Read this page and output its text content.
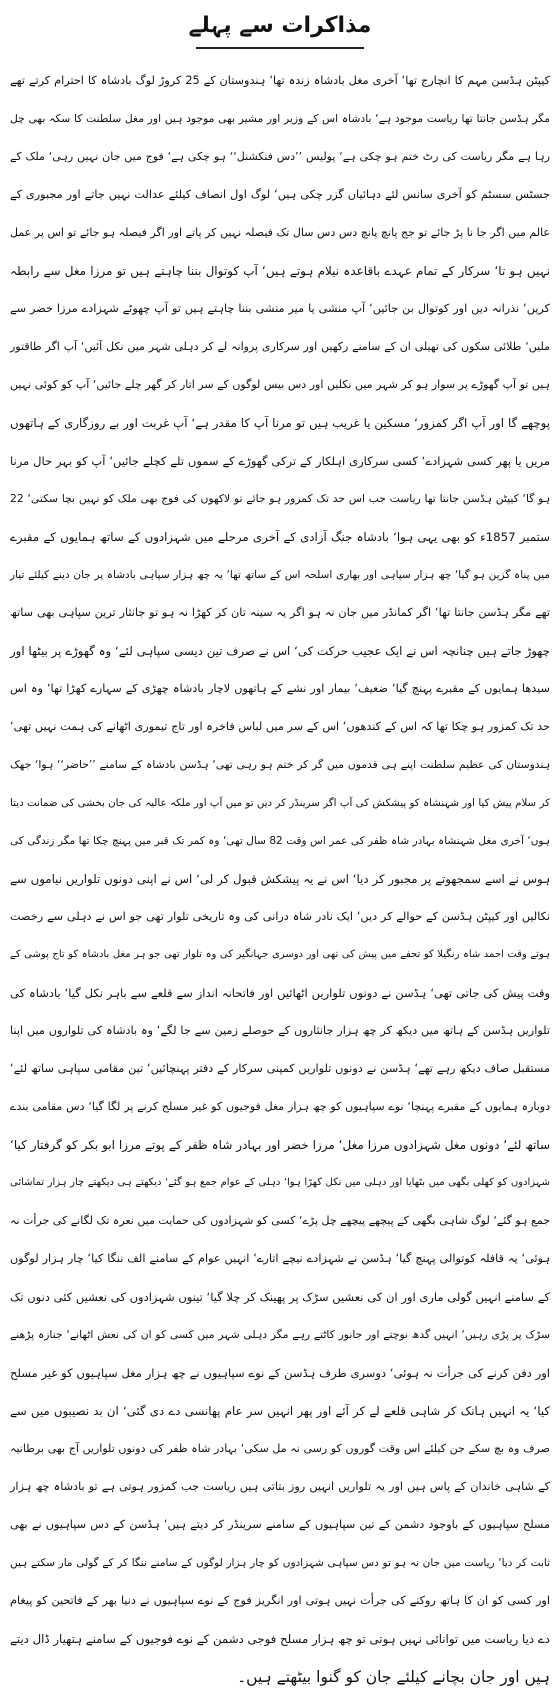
مذاکرات سے پہلے
کیپٹن ہڈسن مہم کا انچارج تھا‘ آخری مغل بادشاہ زندہ تھا‘ ہندوستان کے 25 کروڑ لوگ بادشاہ کا احترام کرتے تھے
مگر ہڈسن جانتا تھا ریاست موجود ہے‘ بادشاہ اس کے وزیر اور مشیر بھی موجود ہیں اور مغل سلطنت کا سکہ بھی چل
رہا ہے مگر ریاست کی رٹ ختم ہو چکی ہے‘ پولیس ’’دس فنکشنل‘‘ ہو چکی ہے‘ فوج میں جان نہیں رہی‘ ملک کے
جسٹس سسٹم کو آخری سانس لئے دہائیاں گزر چکی ہیں‘ لوگ اول انصاف کیلئے عدالت نہیں جاتے اور مجبوری کے
عالم میں اگر جا نا پڑ جائے تو جج پانچ پانچ دس دس سال تک فیصلہ نہیں کر پاتے اور اگر فیصلہ ہو جائے تو اس پر عمل
نہیں ہو تا‘ سرکار کے تمام عہدے باقاعدہ نیلام ہوتے ہیں‘ آپ کوتوال بننا چاہتے ہیں تو مرزا مغل سے رابطہ
کریں‘ نذرانہ دیں اور کوتوال بن جائیں‘ آپ منشی یا میر منشی بننا چاہتے ہیں تو آپ چھوٹے شہزادے مرزا خضر سے
ملیں‘ طلائی سکوں کی تھیلی ان کے سامنے رکھیں اور سرکاری پروانہ لے کر دہلی شہر میں نکل آئیں‘ آپ اگر طاقتور
ہیں تو آپ گھوڑے پر سوار ہو کر شہر میں نکلیں اور دس بیس لوگوں کے سر اتار کر گھر چلے جائیں‘ آپ کو کوئی نہیں
پوچھے گا اور آپ اگر کمزور‘ مسکین یا غریب ہیں تو مرنا آپ کا مقدر ہے‘ آپ غربت اور بے روزگاری کے ہاتھوں
مریں یا پھر کسی شہزادے‘ کسی سرکاری اہلکار کے ترکی گھوڑے کے سموں تلے کچلے جائیں‘ آپ کو بہر حال مرنا
ہو گا‘ کیپٹن ہڈسن جانتا تھا ریاست جب اس حد تک کمزور ہو جائے تو لاکھوں کی فوج بھی ملک کو نہیں بچا سکتی‘ 22
ستمبر 1857ء کو بھی یہی ہوا‘ بادشاہ جنگ آزادی کے آخری مرحلے میں شہزادوں کے ساتھ ہمایوں کے مقبرے
میں پناہ گزین ہو گیا‘ چھ ہزار سپاہی اور بھاری اسلحہ اس کے ساتھ تھا‘ یہ چھ ہزار سپاہی بادشاہ پر جان دینے کیلئے تیار
تھے مگر ہڈسن جانتا تھا‘ اگر کمانڈر میں جان نہ ہو اگر یہ سینہ تان کر کھڑا نہ ہو تو جانثار ترین سپاہی بھی ساتھ
چھوڑ جاتے ہیں چنانچہ اس نے ایک عجیب حرکت کی‘ اس نے صرف تین دیسی سپاہی لئے‘ وہ گھوڑے پر بیٹھا اور
سیدھا ہمایوں کے مقبرے پہنچ گیا‘ ضعیف‘ بیمار اور نشے کے ہاتھوں لاچار بادشاہ چھڑی کے سہارے کھڑا تھا‘ وہ اس
حد تک کمزور ہو چکا تھا کہ اس کے کندھوں‘ اس کے سر میں لباس فاخرہ اور تاج تیموری اٹھانے کی ہمت نہیں تھی‘
ہندوستان کی عظیم سلطنت اپنے ہی قدموں میں گر کر ختم ہو رہی تھی‘ ہڈسن بادشاہ کے سامنے ’’حاضر‘‘ ہوا‘ جھک
کر سلام پیش کیا اور شہنشاہ کو پیشکش کی آپ اگر سرینڈر کر دیں تو میں آپ اور ملکہ عالیہ کی جان بخشی کی ضمانت دیتا
ہوں‘ آخری مغل شہنشاہ بہادر شاہ ظفر کی عمر اس وقت 82 سال تھی‘ وہ کمر تک قبر میں پہنچ چکا تھا مگر زندگی کی
ہوس نے اسے سمجھوتے پر مجبور کر دیا‘ اس نے یہ پیشکش قبول کر لی‘ اس نے اپنی دونوں تلواریں نیاموں سے
نکالیں اور کیپٹن ہڈسن کے حوالے کر دیں‘ ایک نادر شاہ درانی کی وہ تاریخی تلوار تھی جو اس نے دہلی سے رخصت
ہوتے وقت احمد شاہ رنگیلا کو تحفے میں پیش کی تھی اور دوسری جہانگیر کی وہ تلوار تھی جو ہر مغل بادشاہ کو تاج پوشی کے
وقت پیش کی جاتی تھی‘ ہڈسن نے دونوں تلواریں اٹھائیں اور فاتحانہ انداز سے قلعے سے باہر نکل گیا‘ بادشاہ کی
تلواریں ہڈسن کے ہاتھ میں دیکھ کر چھ ہزار جانثاروں کے حوصلے زمین سے جا لگے‘ وہ بادشاہ کی تلواروں میں اپنا
مستقبل صاف دیکھ رہے تھے‘ ہڈسن نے دونوں تلواریں کمپنی سرکار کے دفتر پہنچائیں‘ تین مقامی سپاہی ساتھ لئے‘
دوبارہ ہمایوں کے مقبرے پہنچا‘ نوے سپاہیوں کو چھ ہزار مغل فوجیوں کو غیر مسلح کرنے پر لگا گیا‘ دس مقامی بندے
ساتھ لئے‘ دونوں مغل شہزادوں مرزا مغل‘ مرزا خضر اور بہادر شاہ ظفر کے پوتے مرزا ابو بکر کو گرفتار کیا‘
شہزادوں کو کھلی بگھی میں بٹھایا اور دہلی میں نکل کھڑا ہوا‘ دہلی کے عوام جمع ہو گئے‘ دیکھتے ہی دیکھتے چار ہزار تماشائی
جمع ہو گئے‘ لوگ شاہی بگھی کے پیچھے پیچھے چل پڑے‘ کسی کو شہزادوں کی حمایت میں نعرہ تک لگانے کی جرأت نہ
ہوئی‘ یہ قافلہ کوتوالی پہنچ گیا‘ ہڈسن نے شہزادے نیچے اتارے‘ انہیں عوام کے سامنے الف ننگا کیا‘ چار ہزار لوگوں
کے سامنے انہیں گولی ماری اور ان کی نعشیں سڑک پر پھینک کر چلا گیا‘ تینوں شہزادوں کی نعشیں کئی دنوں تک
سڑک پر پڑی رہیں‘ انہیں گدھ نوچتے اور جانور کاٹتے رہے مگر دہلی شہر میں کسی کو ان کی نعش اٹھانے‘ جنازہ پڑھنے
اور دفن کرنے کی جرأت نہ ہوئی‘ دوسری طرف ہڈسن کے نوے سپاہیوں نے چھ ہزار مغل سپاہیوں کو غیر مسلح
کیا‘ یہ انہیں ہانک کر شاہی قلعے لے کر آئے اور پھر انہیں سر عام پھانسی دے دی گئی‘ ان بد نصیبوں میں سے
صرف وہ بچ سکے جن کیلئے اس وقت گوروں کو رسی نہ مل سکی‘ بہادر شاہ ظفر کی دونوں تلواریں آج بھی برطانیہ
کے شاہی خاندان کے پاس ہیں اور یہ تلواریں انہیں روز بتاتی ہیں ریاست جب کمزور ہوتی ہے تو بادشاہ چھ ہزار
مسلح سپاہیوں کے باوجود دشمن کے تین سپاہیوں کے سامنے سرینڈر کر دیتے ہیں‘ ہڈسن کے دس سپاہیوں نے بھی
ثابت کر دیا‘ ریاست میں جان نہ ہو تو دس سپاہی شہزادوں کو چار ہزار لوگوں کے سامنے ننگا کر کے گولی مار سکتے ہیں
اور کسی کو ان کا ہاتھ روکنے کی جرأت نہیں ہوتی اور انگریز فوج کے نوے سپاہیوں نے دنیا بھر کے فاتحین کو پیغام
دے دیا ریاست میں توانائی نہیں ہوتی تو چھ ہزار مسلح فوجی دشمن کے نوے فوجیوں کے سامنے ہتھیار ڈال دیتے
ہیں اور جان بچانے کیلئے جان کو گنوا بیٹھتے ہیں۔
